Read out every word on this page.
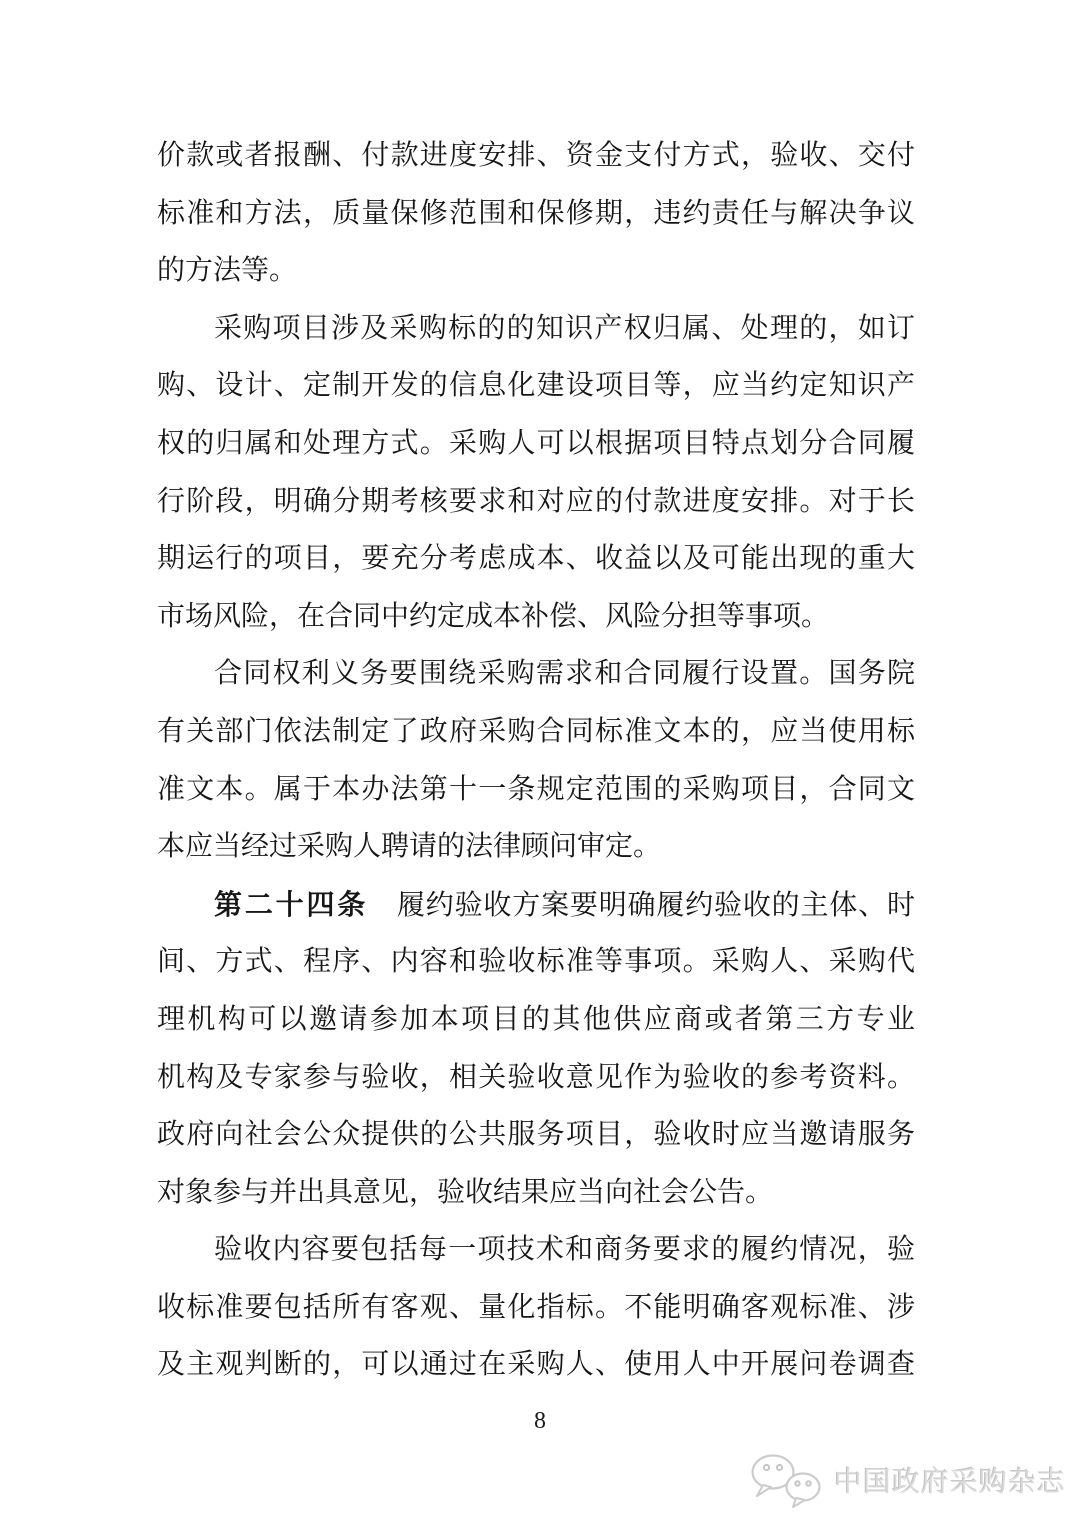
价款或者报酬、付款进度安排、资金支付方式，验收、交付
标准和方法，质量保修范围和保修期，违约责任与解决争议
的方法等。
采购项目涉及采购标的的知识产权归属、处理的，如订
购、设计、定制开发的信息化建设项目等，应当约定知识产
权的归属和处理方式。采购人可以根据项目特点划分合同履
行阶段，明确分期考核要求和对应的付款进度安排。对于长
期运行的项目，要充分考虑成本、收益以及可能出现的重大
市场风险，在合同中约定成本补偿、风险分担等事项。
合同权利义务要围绕采购需求和合同履行设置。国务院
有关部门依法制定了政府采购合同标准文本的，应当使用标
准文本。属于本办法第十一条规定范围的采购项目，合同文
本应当经过采购人聘请的法律顾问审定。
第二十四条　履约验收方案要明确履约验收的主体、时
间、方式、程序、内容和验收标准等事项。采购人、采购代
理机构可以邀请参加本项目的其他供应商或者第三方专业
机构及专家参与验收，相关验收意见作为验收的参考资料。
政府向社会公众提供的公共服务项目，验收时应当邀请服务
对象参与并出具意见，验收结果应当向社会公告。
验收内容要包括每一项技术和商务要求的履约情况，验
收标准要包括所有客观、量化指标。不能明确客观标准、涉
及主观判断的，可以通过在采购人、使用人中开展问卷调查
8
中国政府采购杂志
